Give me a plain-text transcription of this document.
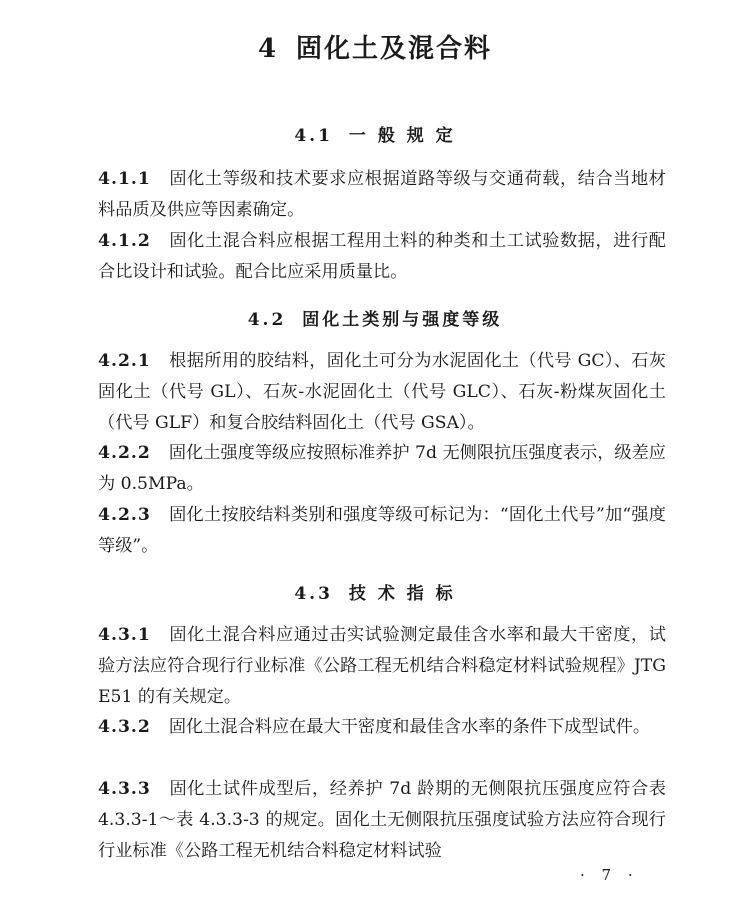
4 固化土及混合料
4.1 一 般 规 定
4.1.1 固化土等级和技术要求应根据道路等级与交通荷载，结合当地材料品质及供应等因素确定。
4.1.2 固化土混合料应根据工程用土料的种类和土工试验数据，进行配合比设计和试验。配合比应采用质量比。
4.2 固化土类别与强度等级
4.2.1 根据所用的胶结料，固化土可分为水泥固化土（代号 GC）、石灰固化土（代号 GL）、石灰-水泥固化土（代号 GLC）、石灰-粉煤灰固化土（代号 GLF）和复合胶结料固化土（代号 GSA）。
4.2.2 固化土强度等级应按照标准养护 7d 无侧限抗压强度表示，级差应为 0.5MPa。
4.2.3 固化土按胶结料类别和强度等级可标记为：“固化土代号”加“强度等级”。
4.3 技 术 指 标
4.3.1 固化土混合料应通过击实试验测定最佳含水率和最大干密度，试验方法应符合现行行业标准《公路工程无机结合料稳定材料试验规程》JTG E51 的有关规定。
4.3.2 固化土混合料应在最大干密度和最佳含水率的条件下成型试件。
4.3.3 固化土试件成型后，经养护 7d 龄期的无侧限抗压强度应符合表 4.3.3-1～表 4.3.3-3 的规定。固化土无侧限抗压强度试验方法应符合现行行业标准《公路工程无机结合料稳定材料试验
· 7 ·
